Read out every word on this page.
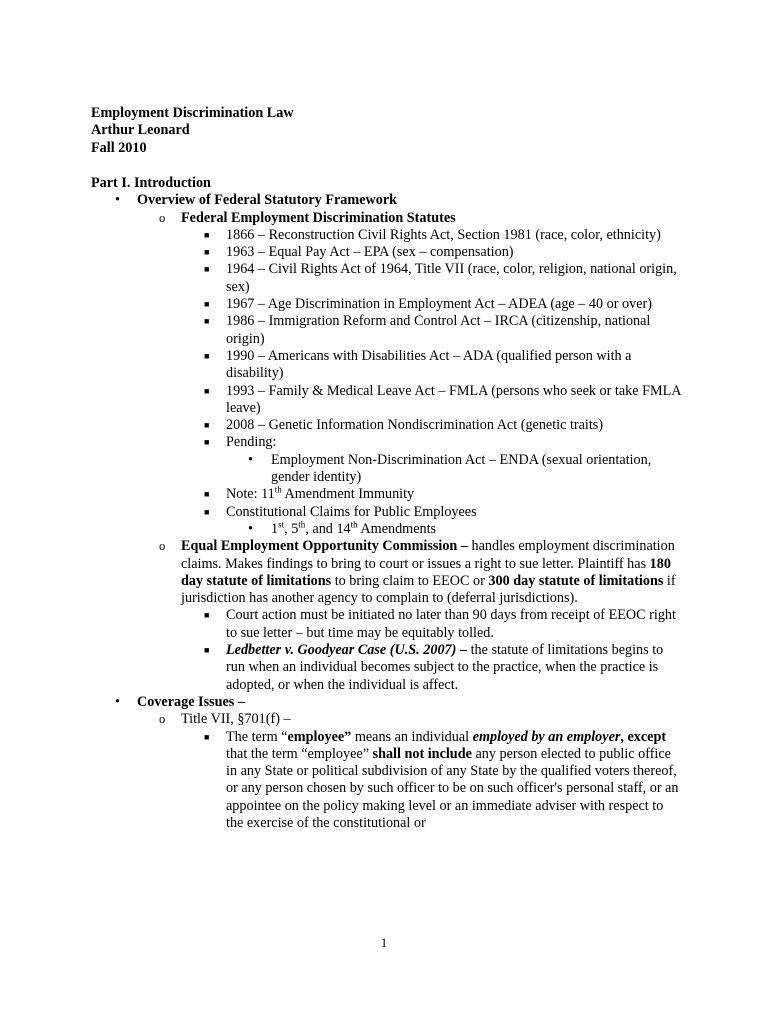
Employment Discrimination Law
Arthur Leonard
Fall 2010
Part I. Introduction
• Overview of Federal Statutory Framework
o Federal Employment Discrimination Statutes
■ 1866 – Reconstruction Civil Rights Act, Section 1981 (race, color, ethnicity)
■ 1963 – Equal Pay Act – EPA (sex – compensation)
■ 1964 – Civil Rights Act of 1964, Title VII (race, color, religion, national origin, sex)
■ 1967 – Age Discrimination in Employment Act – ADEA (age – 40 or over)
■ 1986 – Immigration Reform and Control Act – IRCA (citizenship, national origin)
■ 1990 – Americans with Disabilities Act – ADA (qualified person with a disability)
■ 1993 – Family & Medical Leave Act – FMLA (persons who seek or take FMLA leave)
■ 2008 – Genetic Information Nondiscrimination Act (genetic traits)
■ Pending:
• Employment Non-Discrimination Act – ENDA (sexual orientation, gender identity)
■ Note: 11th Amendment Immunity
■ Constitutional Claims for Public Employees
• 1st, 5th, and 14th Amendments
o Equal Employment Opportunity Commission – handles employment discrimination claims. Makes findings to bring to court or issues a right to sue letter. Plaintiff has 180 day statute of limitations to bring claim to EEOC or 300 day statute of limitations if jurisdiction has another agency to complain to (deferral jurisdictions).
■ Court action must be initiated no later than 90 days from receipt of EEOC right to sue letter – but time may be equitably tolled.
■ Ledbetter v. Goodyear Case (U.S. 2007) – the statute of limitations begins to run when an individual becomes subject to the practice, when the practice is adopted, or when the individual is affect.
• Coverage Issues –
o Title VII, §701(f) –
■ The term “employee” means an individual employed by an employer, except that the term “employee” shall not include any person elected to public office in any State or political subdivision of any State by the qualified voters thereof, or any person chosen by such officer to be on such officer's personal staff, or an appointee on the policy making level or an immediate adviser with respect to the exercise of the constitutional or
1
